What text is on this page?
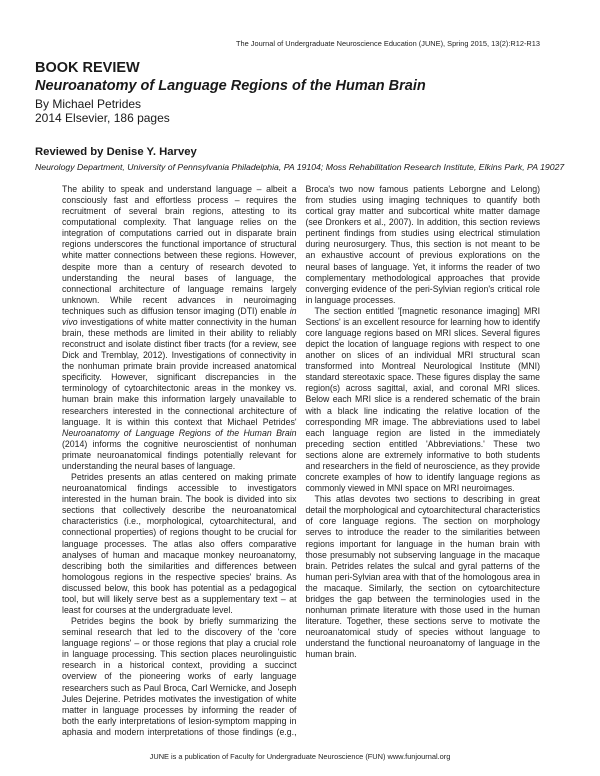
The Journal of Undergraduate Neuroscience Education (JUNE), Spring 2015, 13(2):R12-R13
BOOK REVIEW
Neuroanatomy of Language Regions of the Human Brain
By Michael Petrides
2014 Elsevier, 186 pages
Reviewed by Denise Y. Harvey
Neurology Department, University of Pennsylvania Philadelphia, PA 19104; Moss Rehabilitation Research Institute, Elkins Park, PA 19027

The ability to speak and understand language – albeit a consciously fast and effortless process – requires the recruitment of several brain regions, attesting to its computational complexity. That language relies on the integration of computations carried out in disparate brain regions underscores the functional importance of structural white matter connections between these regions. However, despite more than a century of research devoted to understanding the neural bases of language, the connectional architecture of language remains largely unknown. While recent advances in neuroimaging techniques such as diffusion tensor imaging (DTI) enable in vivo investigations of white matter connectivity in the human brain, these methods are limited in their ability to reliably reconstruct and isolate distinct fiber tracts (for a review, see Dick and Tremblay, 2012). Investigations of connectivity in the nonhuman primate brain provide increased anatomical specificity. However, significant discrepancies in the terminology of cytoarchitectonic areas in the monkey vs. human brain make this information largely unavailable to researchers interested in the connectional architecture of language. It is within this context that Michael Petrides' Neuroanatomy of Language Regions of the Human Brain (2014) informs the cognitive neuroscientist of nonhuman primate neuroanatomical findings potentially relevant for understanding the neural bases of language.

Petrides presents an atlas centered on making primate neuroanatomical findings accessible to investigators interested in the human brain. The book is divided into six sections that collectively describe the neuroanatomical characteristics (i.e., morphological, cytoarchitectural, and connectional properties) of regions thought to be crucial for language processes. The atlas also offers comparative analyses of human and macaque monkey neuroanatomy, describing both the similarities and differences between homologous regions in the respective species' brains. As discussed below, this book has potential as a pedagogical tool, but will likely serve best as a supplementary text – at least for courses at the undergraduate level.

Petrides begins the book by briefly summarizing the seminal research that led to the discovery of the 'core language regions' – or those regions that play a crucial role in language processing. This section places neurolinguistic research in a historical context, providing a succinct overview of the pioneering works of early language researchers such as Paul Broca, Carl Wernicke, and Joseph Jules Dejerine. Petrides motivates the investigation of white matter in language processes by informing the reader of both the early interpretations of lesion-symptom mapping in aphasia and modern interpretations of those findings (e.g., Broca's two now famous patients Leborgne and Lelong) from studies using imaging techniques to quantify both cortical gray matter and subcortical white matter damage (see Dronkers et al., 2007). In addition, this section reviews pertinent findings from studies using electrical stimulation during neurosurgery. Thus, this section is not meant to be an exhaustive account of previous explorations on the neural bases of language. Yet, it informs the reader of two complementary methodological approaches that provide converging evidence of the peri-Sylvian region's critical role in language processes.

The section entitled '[magnetic resonance imaging] MRI Sections' is an excellent resource for learning how to identify core language regions based on MRI slices. Several figures depict the location of language regions with respect to one another on slices of an individual MRI structural scan transformed into Montreal Neurological Institute (MNI) standard stereotaxic space. These figures display the same region(s) across sagittal, axial, and coronal MRI slices. Below each MRI slice is a rendered schematic of the brain with a black line indicating the relative location of the corresponding MR image. The abbreviations used to label each language region are listed in the immediately preceding section entitled 'Abbreviations.' These two sections alone are extremely informative to both students and researchers in the field of neuroscience, as they provide concrete examples of how to identify language regions as commonly viewed in MNI space on MRI neuroimages.

This atlas devotes two sections to describing in great detail the morphological and cytoarchitectural characteristics of core language regions. The section on morphology serves to introduce the reader to the similarities between regions important for language in the human brain with those presumably not subserving language in the macaque brain. Petrides relates the sulcal and gyral patterns of the human peri-Sylvian area with that of the homologous area in the macaque. Similarly, the section on cytoarchitecture bridges the gap between the terminologies used in the nonhuman primate literature with those used in the human literature. Together, these sections serve to motivate the neuroanatomical study of species without language to understand the functional neuroanatomy of language in the human brain.

JUNE is a publication of Faculty for Undergraduate Neuroscience (FUN) www.funjournal.org
